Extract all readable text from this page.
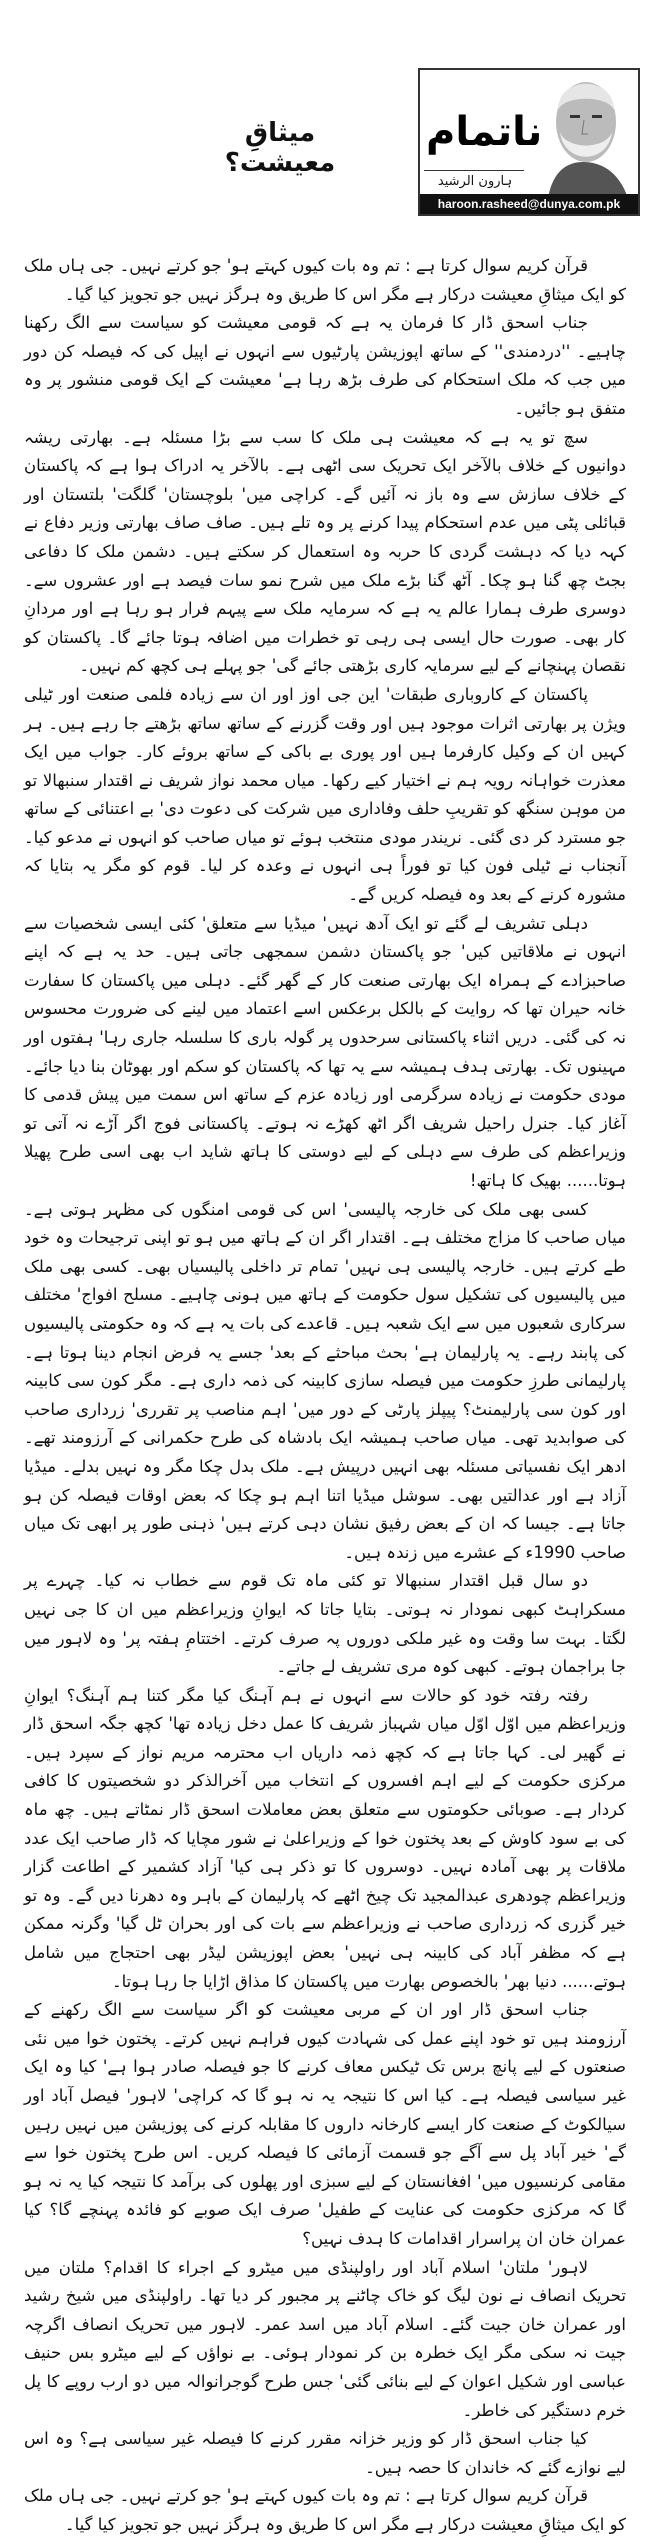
میثاقِ معیشت؟
ناتمام
ہارون الرشید
haroon.rasheed@dunya.com.pk

قرآن کریم سوال کرتا ہے : تم وہ بات کیوں کہتے ہو' جو کرتے نہیں۔ جی ہاں ملک کو ایک میثاقِ معیشت درکار ہے مگر اس کا طریق وہ ہرگز نہیں جو تجویز کیا گیا۔

جناب اسحق ڈار کا فرمان یہ ہے کہ قومی معیشت کو سیاست سے الگ رکھنا چاہیے۔ ''دردمندی'' کے ساتھ اپوزیشن پارٹیوں سے انہوں نے اپیل کی کہ فیصلہ کن دور میں جب کہ ملک استحکام کی طرف بڑھ رہا ہے' معیشت کے ایک قومی منشور پر وہ متفق ہو جائیں۔

سچ تو یہ ہے کہ معیشت ہی ملک کا سب سے بڑا مسئلہ ہے۔ بھارتی ریشہ دوانیوں کے خلاف بالآخر ایک تحریک سی اٹھی ہے۔ بالآخر یہ ادراک ہوا ہے کہ پاکستان کے خلاف سازش سے وہ باز نہ آئیں گے۔ کراچی میں' بلوچستان' گلگت' بلتستان اور قبائلی پٹی میں عدم استحکام پیدا کرنے پر وہ تلے ہیں۔ صاف صاف بھارتی وزیر دفاع نے کہہ دیا کہ دہشت گردی کا حربہ وہ استعمال کر سکتے ہیں۔ دشمن ملک کا دفاعی بجٹ چھ گنا ہو چکا۔ آٹھ گنا بڑے ملک میں شرح نمو سات فیصد ہے اور عشروں سے۔ دوسری طرف ہمارا عالم یہ ہے کہ سرمایہ ملک سے پیہم فرار ہو رہا ہے اور مردانِ کار بھی۔ صورت حال ایسی ہی رہی تو خطرات میں اضافہ ہوتا جائے گا۔ پاکستان کو نقصان پہنچانے کے لیے سرمایہ کاری بڑھتی جائے گی' جو پہلے ہی کچھ کم نہیں۔

پاکستان کے کاروباری طبقات' این جی اوز اور ان سے زیادہ فلمی صنعت اور ٹیلی ویژن پر بھارتی اثرات موجود ہیں اور وقت گزرنے کے ساتھ ساتھ بڑھتے جا رہے ہیں۔ ہر کہیں ان کے وکیل کارفرما ہیں اور پوری بے باکی کے ساتھ بروئے کار۔ جواب میں ایک معذرت خواہانہ رویہ ہم نے اختیار کیے رکھا۔ میاں محمد نواز شریف نے اقتدار سنبھالا تو من موہن سنگھ کو تقریبِ حلف وفاداری میں شرکت کی دعوت دی' بے اعتنائی کے ساتھ جو مسترد کر دی گئی۔ نریندر مودی منتخب ہوئے تو میاں صاحب کو انہوں نے مدعو کیا۔ آنجناب نے ٹیلی فون کیا تو فوراً ہی انہوں نے وعدہ کر لیا۔ قوم کو مگر یہ بتایا کہ مشورہ کرنے کے بعد وہ فیصلہ کریں گے۔

دہلی تشریف لے گئے تو ایک آدھ نہیں' میڈیا سے متعلق' کئی ایسی شخصیات سے انہوں نے ملاقاتیں کیں' جو پاکستان دشمن سمجھی جاتی ہیں۔ حد یہ ہے کہ اپنے صاحبزادے کے ہمراہ ایک بھارتی صنعت کار کے گھر گئے۔ دہلی میں پاکستان کا سفارت خانہ حیران تھا کہ روایت کے بالکل برعکس اسے اعتماد میں لینے کی ضرورت محسوس نہ کی گئی۔ دریں اثناء پاکستانی سرحدوں پر گولہ باری کا سلسلہ جاری رہا' ہفتوں اور مہینوں تک۔ بھارتی ہدف ہمیشہ سے یہ تھا کہ پاکستان کو سکم اور بھوٹان بنا دیا جائے۔ مودی حکومت نے زیادہ سرگرمی اور زیادہ عزم کے ساتھ اس سمت میں پیش قدمی کا آغاز کیا۔ جنرل راحیل شریف اگر اٹھ کھڑے نہ ہوتے۔ پاکستانی فوج اگر آڑے نہ آتی تو وزیراعظم کی طرف سے دہلی کے لیے دوستی کا ہاتھ شاید اب بھی اسی طرح پھیلا ہوتا...... بھیک کا ہاتھ!

کسی بھی ملک کی خارجہ پالیسی' اس کی قومی امنگوں کی مظہر ہوتی ہے۔ میاں صاحب کا مزاج مختلف ہے۔ اقتدار اگر ان کے ہاتھ میں ہو تو اپنی ترجیحات وہ خود طے کرتے ہیں۔ خارجہ پالیسی ہی نہیں' تمام تر داخلی پالیسیاں بھی۔ کسی بھی ملک میں پالیسیوں کی تشکیل سول حکومت کے ہاتھ میں ہونی چاہیے۔ مسلح افواج' مختلف سرکاری شعبوں میں سے ایک شعبہ ہیں۔ قاعدے کی بات یہ ہے کہ وہ حکومتی پالیسیوں کی پابند رہے۔ یہ پارلیمان ہے' بحث مباحثے کے بعد' جسے یہ فرض انجام دینا ہوتا ہے۔ پارلیمانی طرزِ حکومت میں فیصلہ سازی کابینہ کی ذمہ داری ہے۔ مگر کون سی کابینہ اور کون سی پارلیمنٹ؟ پیپلز پارٹی کے دور میں' اہم مناصب پر تقرری' زرداری صاحب کی صوابدید تھی۔ میاں صاحب ہمیشہ ایک بادشاہ کی طرح حکمرانی کے آرزومند تھے۔ ادھر ایک نفسیاتی مسئلہ بھی انہیں درپیش ہے۔ ملک بدل چکا مگر وہ نہیں بدلے۔ میڈیا آزاد ہے اور عدالتیں بھی۔ سوشل میڈیا اتنا اہم ہو چکا کہ بعض اوقات فیصلہ کن ہو جاتا ہے۔ جیسا کہ ان کے بعض رفیق نشان دہی کرتے ہیں' ذہنی طور پر ابھی تک میاں صاحب 1990ء کے عشرے میں زندہ ہیں۔

دو سال قبل اقتدار سنبھالا تو کئی ماہ تک قوم سے خطاب نہ کیا۔ چہرے پر مسکراہٹ کبھی نمودار نہ ہوتی۔ بتایا جاتا کہ ایوانِ وزیراعظم میں ان کا جی نہیں لگتا۔ بہت سا وقت وہ غیر ملکی دوروں پہ صرف کرتے۔ اختتامِ ہفتہ پر' وہ لاہور میں جا براجمان ہوتے۔ کبھی کوہ مری تشریف لے جاتے۔

رفتہ رفتہ خود کو حالات سے انہوں نے ہم آہنگ کیا مگر کتنا ہم آہنگ؟ ایوانِ وزیراعظم میں اوّل اوّل میاں شہباز شریف کا عمل دخل زیادہ تھا' کچھ جگہ اسحق ڈار نے گھیر لی۔ کہا جاتا ہے کہ کچھ ذمہ داریاں اب محترمہ مریم نواز کے سپرد ہیں۔ مرکزی حکومت کے لیے اہم افسروں کے انتخاب میں آخرالذکر دو شخصیتوں کا کافی کردار ہے۔ صوبائی حکومتوں سے متعلق بعض معاملات اسحق ڈار نمٹاتے ہیں۔ چھ ماہ کی بے سود کاوش کے بعد پختون خوا کے وزیراعلیٰ نے شور مچایا کہ ڈار صاحب ایک عدد ملاقات پر بھی آمادہ نہیں۔ دوسروں کا تو ذکر ہی کیا' آزاد کشمیر کے اطاعت گزار وزیراعظم چودھری عبدالمجید تک چیخ اٹھے کہ پارلیمان کے باہر وہ دھرنا دیں گے۔ وہ تو خیر گزری کہ زرداری صاحب نے وزیراعظم سے بات کی اور بحران ٹل گیا' وگرنہ ممکن ہے کہ مظفر آباد کی کابینہ ہی نہیں' بعض اپوزیشن لیڈر بھی احتجاج میں شامل ہوتے...... دنیا بھر' بالخصوص بھارت میں پاکستان کا مذاق اڑایا جا رہا ہوتا۔

جناب اسحق ڈار اور ان کے مربی معیشت کو اگر سیاست سے الگ رکھنے کے آرزومند ہیں تو خود اپنے عمل کی شہادت کیوں فراہم نہیں کرتے۔ پختون خوا میں نئی صنعتوں کے لیے پانچ برس تک ٹیکس معاف کرنے کا جو فیصلہ صادر ہوا ہے' کیا وہ ایک غیر سیاسی فیصلہ ہے۔ کیا اس کا نتیجہ یہ نہ ہو گا کہ کراچی' لاہور' فیصل آباد اور سیالکوٹ کے صنعت کار ایسے کارخانہ داروں کا مقابلہ کرنے کی پوزیشن میں نہیں رہیں گے' خیر آباد پل سے آگے جو قسمت آزمائی کا فیصلہ کریں۔ اس طرح پختون خوا سے مقامی کرنسیوں میں' افغانستان کے لیے سبزی اور پھلوں کی برآمد کا نتیجہ کیا یہ نہ ہو گا کہ مرکزی حکومت کی عنایت کے طفیل' صرف ایک صوبے کو فائدہ پہنچے گا؟ کیا عمران خان ان پراسرار اقدامات کا ہدف نہیں؟

لاہور' ملتان' اسلام آباد اور راولپنڈی میں میٹرو کے اجراء کا اقدام؟ ملتان میں تحریک انصاف نے نون لیگ کو خاک چاٹنے پر مجبور کر دیا تھا۔ راولپنڈی میں شیخ رشید اور عمران خان جیت گئے۔ اسلام آباد میں اسد عمر۔ لاہور میں تحریک انصاف اگرچہ جیت نہ سکی مگر ایک خطرہ بن کر نمودار ہوئی۔ بے نواؤں کے لیے میٹرو بس حنیف عباسی اور شکیل اعوان کے لیے بنائی گئی' جس طرح گوجرانوالہ میں دو ارب روپے کا پل خرم دستگیر کی خاطر۔

کیا جناب اسحق ڈار کو وزیر خزانہ مقرر کرنے کا فیصلہ غیر سیاسی ہے؟ وہ اس لیے نوازے گئے کہ خاندان کا حصہ ہیں۔

قرآن کریم سوال کرتا ہے : تم وہ بات کیوں کہتے ہو' جو کرتے نہیں۔ جی ہاں ملک کو ایک میثاقِ معیشت درکار ہے مگر اس کا طریق وہ ہرگز نہیں جو تجویز کیا گیا۔
